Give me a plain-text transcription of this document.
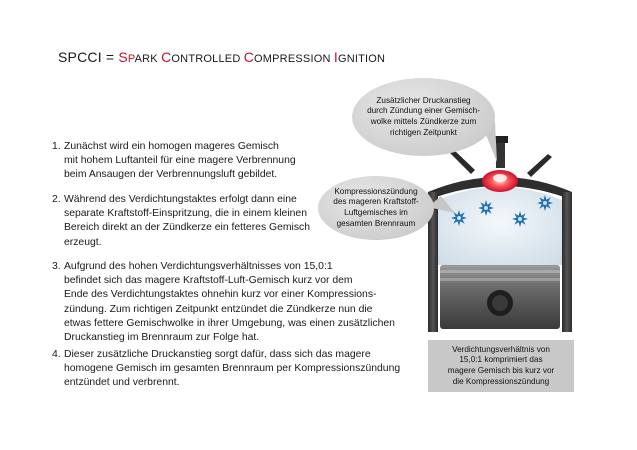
SPCCI = SPARK CONTROLLED COMPRESSION IGNITION
1. Zunächst wird ein homogen mageres Gemisch
mit hohem Luftanteil für eine magere Verbrennung
beim Ansaugen der Verbrennungsluft gebildet.
2. Während des Verdichtungstaktes erfolgt dann eine
separate Kraftstoff-Einspritzung, die in einem kleinen
Bereich direkt an der Zündkerze ein fetteres Gemisch
erzeugt.
3. Aufgrund des hohen Verdichtungsverhältnisses von 15,0:1
befindet sich das magere Kraftstoff-Luft-Gemisch kurz vor dem
Ende des Verdichtungstaktes ohnehin kurz vor einer Kompressions-
zündung. Zum richtigen Zeitpunkt entzündet die Zündkerze nun die
etwas fettere Gemischwolke in ihrer Umgebung, was einen zusätzlichen
Druckanstieg im Brennraum zur Folge hat.
4. Dieser zusätzliche Druckanstieg sorgt dafür, dass sich das magere
homogene Gemisch im gesamten Brennraum per Kompressionszündung
entzündet und verbrennt.
Zusätzlicher Druckanstieg
durch Zündung einer Gemisch-
wolke mittels Zündkerze zum
richtigen Zeitpunkt
Kompressionszündung
des mageren Kraftstoff-
Luftgemisches im
gesamten Brennraum
Verdichtungsverhältnis von
15,0:1 komprimiert das
magere Gemisch bis kurz vor
die Kompressionszündung
